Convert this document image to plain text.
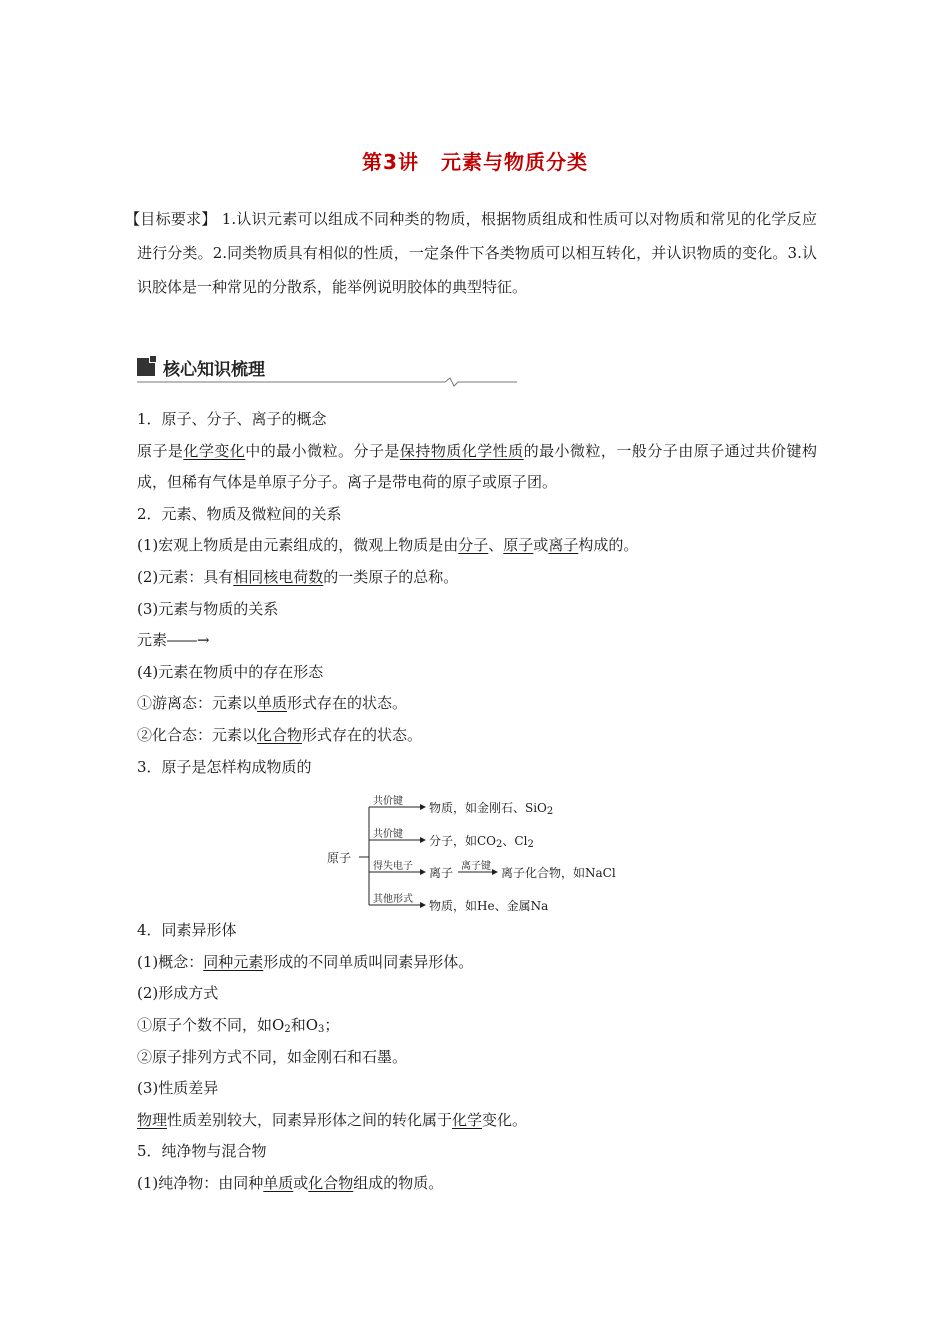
第3讲 元素与物质分类
【目标要求】 1.认识元素可以组成不同种类的物质，根据物质组成和性质可以对物质和常见的化学反应进行分类。2.同类物质具有相似的性质，一定条件下各类物质可以相互转化，并认识物质的变化。3.认识胶体是一种常见的分散系，能举例说明胶体的典型特征。
核心知识梳理
1．原子、分子、离子的概念
原子是化学变化中的最小微粒。分子是保持物质化学性质的最小微粒，一般分子由原子通过共价键构成，但稀有气体是单原子分子。离子是带电荷的原子或原子团。
2．元素、物质及微粒间的关系
(1)宏观上物质是由元素组成的，微观上物质是由分子、原子或离子构成的。
(2)元素：具有相同核电荷数的一类原子的总称。
(3)元素与物质的关系
元素――→
(4)元素在物质中的存在形态
①游离态：元素以单质形式存在的状态。
②化合态：元素以化合物形式存在的状态。
3．原子是怎样构成物质的
4．同素异形体
(1)概念：同种元素形成的不同单质叫同素异形体。
(2)形成方式
①原子个数不同，如$O_2$和$O_3$；
②原子排列方式不同，如金刚石和石墨。
(3)性质差异
物理性质差别较大，同素异形体之间的转化属于化学变化。
5．纯净物与混合物
(1)纯净物：由同种单质或化合物组成的物质。
原子
共价键 物质，如金刚石、SiO$_2$
共价键 分子，如$CO_2$、$Cl_2$
得失电子 离子 离子键 离子化合物，如NaCl
其他形式 物质，如He、金属Na
